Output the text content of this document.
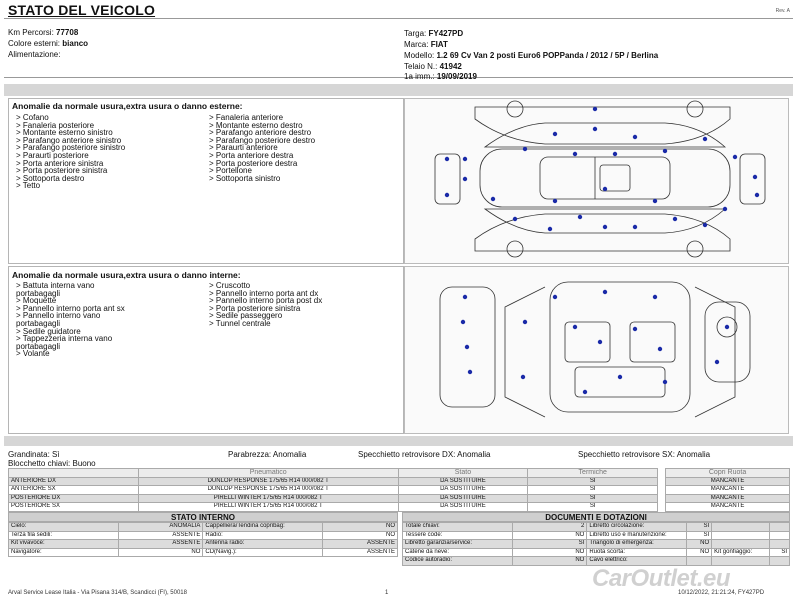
STATO DEL VEICOLO	Rev. A
Km Percorsi: 77708
Colore esterni: bianco
Alimentazione:
Targa: FY427PD
Marca: FIAT
Modello: 1.2 69 Cv Van 2 posti Euro6 POPPanda / 2012 / 5P / Berlina
Telaio N.: 41942
1a imm.: 19/09/2019
Anomalie da normale usura,extra usura o danno esterne:
> Cofano
> Fanaleria posteriore
> Montante esterno sinistro
> Parafango anteriore sinistro
> Parafango posteriore sinistro
> Paraurti posteriore
> Porta anteriore sinistra
> Porta posteriore sinistra
> Sottoporta destro
> Tetto
> Fanaleria anteriore
> Montante esterno destro
> Parafango anteriore destro
> Parafango posteriore destro
> Paraurti anteriore
> Porta anteriore destra
> Porta posteriore destra
> Portellone
> Sottoporta sinistro
Anomalie da normale usura,extra usura o danno interne:
> Battuta interna vano
portabagagli
> Moquette
> Pannello interno porta ant sx
> Pannello interno vano
portabagagli
> Sedile guidatore
> Tappezzeria interna vano
portabagagli
> Volante
> Cruscotto
> Pannello interno porta ant dx
> Pannello interno porta post dx
> Porta posteriore sinistra
> Sedile passeggero
> Tunnel centrale
Grandinata: Sì
Blocchetto chiavi: Buono
Parabrezza: Anomalia	Specchietto retrovisore DX: Anomalia	Specchietto retrovisore SX: Anomalia
	Pneumatico	Stato	Termiche		Copri Ruota
ANTERIORE DX	DUNLOP RESPONSE 175/65 R14 000/082 T	DA SOSTITUIRE	SI		MANCANTE
ANTERIORE SX	DUNLOP RESPONSE 175/65 R14 000/082 T	DA SOSTITUIRE	SI		MANCANTE
POSTERIORE DX	PIRELLI WINTER 175/65 R14 000/082 T	DA SOSTITUIRE	SI		MANCANTE
POSTERIORE SX	PIRELLI WINTER 175/65 R14 000/082 T	DA SOSTITUIRE	SI		MANCANTE
STATO INTERNO
Cielo:	ANOMALIA	Cappelliera/Tendina copribag:	NO
Terza fila sedili:	ASSENTE	Radio:	NO
Kit vivavoce:	ASSENTE	Antenna radio:	ASSENTE
Navigatore:	NO	CD(Navig.):	ASSENTE
DOCUMENTI E DOTAZIONI
Totale chiavi:	2	Libretto circolazione:	SI		
Tessere code:	NO	Libretto uso e manutenzione:	SI		
Libretto garanzia/service:	SI	Triangolo di emergenza:	NO		
Catene da neve:	NO	Ruota scorta:	NO	Kit gonfiaggio:	SI
Codice autoradio:	NO	Cavo elettrico:			
Arval Service Lease Italia - Via Pisana 314/B, Scandicci (FI), 50018	1	10/12/2022, 21:21:24, FY427PD
CarOutlet.eu
